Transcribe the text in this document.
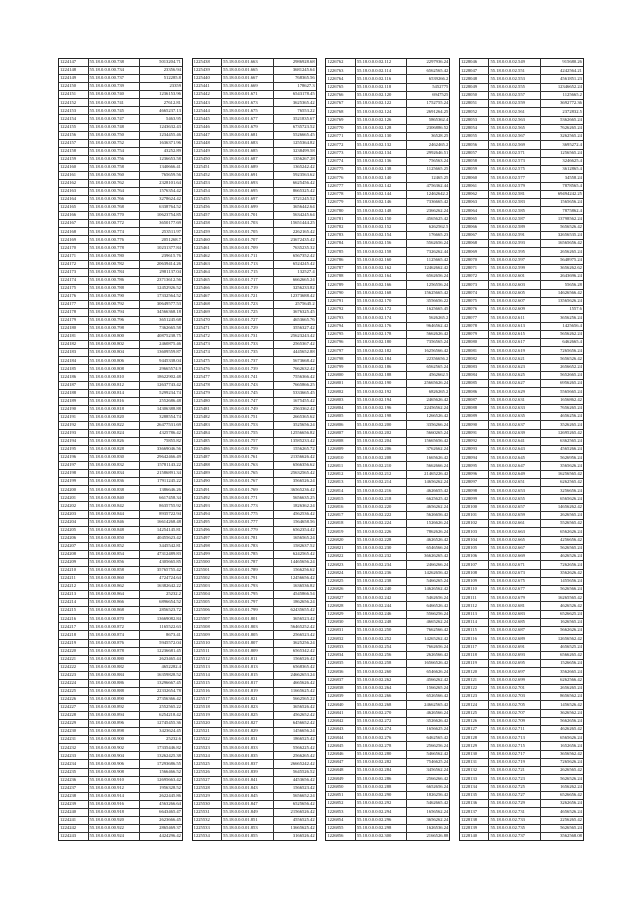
1224147	55.18.0.0.0.00.738	5013204.71
1224148	55.18.0.0.0.00.734	23356.94
1224149	55.18.0.0.0.00.737	512285.8
1224150	55.18.0.0.0.00.739	23359
1224151	55.18.0.0.0.00.740	1236153.96
1224152	55.18.0.0.0.00.741	27612.81
1224153	55.18.0.0.0.00.745	4665237.13
1224154	55.18.0.0.0.00.747	5463.95
1224155	55.18.0.0.0.00.748	1243632.43
1224156	55.18.0.0.0.00.750	1234455.46
1224157	55.18.0.0.0.00.752	1636371.96
1224158	55.18.0.0.0.00.754	43252.89
1224159	55.18.0.0.0.00.756	1236653.58
1224160	55.18.0.0.0.00.758	1340666.41
1224161	55.18.0.0.0.00.760	765659.56
1224162	55.18.0.0.0.00.762	2328101.64
1224163	55.18.0.0.0.00.764	1576354.42
1224164	55.18.0.0.0.00.766	3278624.42
1224165	55.18.0.0.0.00.768	6338764.52
1224166	55.18.0.0.0.00.770	10623754.85
1224167	55.18.0.0.0.00.772	3650177.69
1224168	55.18.0.0.0.00.774	253511.97
1224169	55.18.0.0.0.00.776	2051268.7
1224170	55.18.0.0.0.00.778	10231377.84
1224171	55.18.0.0.0.00.780	239615.76
1224172	55.18.0.0.0.00.782	20639414.26
1224173	55.18.0.0.0.00.784	2981137.04
1224174	55.18.0.0.0.00.786	23713612.56
1224175	55.18.0.0.0.00.788	12452926.52
1224176	55.18.0.0.0.00.790	17332564.52
1224177	55.18.0.0.0.00.792	30649577.53
1224178	55.18.0.0.0.00.794	34566368.18
1224179	55.18.0.0.0.00.796	3651245.68
1224180	55.18.0.0.0.00.798	7362665.58
1224181	55.18.0.0.0.00.800	40875238.75
1224182	55.18.0.0.0.00.802	2460875.46
1224183	55.18.0.0.0.00.804	13609559.87
1224184	55.18.0.0.0.00.806	9445338.04
1224185	55.18.0.0.0.00.808	29665574.9
1224186	55.18.0.0.0.00.810	18622902.48
1224187	55.18.0.0.0.00.812	12637743.42
1224188	55.18.0.0.0.00.814	5299234.74
1224189	55.18.0.0.0.00.816	2552686.48
1224190	55.18.0.0.0.00.818	14306388.88
1224191	55.18.0.0.0.00.820	3288554.74
1224192	55.18.0.0.0.00.822	26477531.69
1224193	55.18.0.0.0.00.824	4325786.42
1224194	55.18.0.0.0.00.826	75855.82
1224195	55.18.0.0.0.00.828	33669046.56
1224196	55.18.0.0.0.00.830	29642466.49
1224197	55.18.0.0.0.00.832	15781143.22
1224198	55.18.0.0.0.00.834	21586891.34
1224199	55.18.0.0.0.00.836	17911245.22
1224200	55.18.0.0.0.00.838	1386646.26
1224201	55.18.0.0.0.00.840	6617458.34
1224202	55.18.0.0.0.00.842	8635755.92
1224203	55.18.0.0.0.00.844	8935722.94
1224204	55.18.0.0.0.00.846	16614268.48
1224205	55.18.0.0.0.00.848	14254145.81
1224206	55.18.0.0.0.00.850	40455623.42
1224207	55.18.0.0.0.00.852	3445542.81
1224208	55.18.0.0.0.00.854	47312489.83
1224209	55.18.0.0.0.00.856	4305665.85
1224210	55.18.0.0.0.00.858	35765755.42
1224211	55.18.0.0.0.00.860	4724724.64
1224212	55.18.0.0.0.00.862	16382642.22
1224213	55.18.0.0.0.00.864	25232.2
1224214	55.18.0.0.0.00.866	6896654.52
1224215	55.18.0.0.0.00.868	2856523.72
1224216	55.18.0.0.0.00.870	13669082.84
1224217	55.18.0.0.0.00.872	1165522.63
1224218	55.18.0.0.0.00.874	8673.41
1224219	55.18.0.0.0.00.876	5945572.04
1224220	55.18.0.0.0.00.878	12236681.45
1224221	55.18.0.0.0.00.880	2623465.44
1224222	55.18.0.0.0.00.882	4652282.4
1224223	55.18.0.0.0.00.884	16359828.52
1224224	55.18.0.0.0.00.886	13296667.45
1224225	55.18.0.0.0.00.888	22332654.78
1224226	55.18.0.0.0.00.890	27356366.42
1224227	55.18.0.0.0.00.892	2552565.22
1224228	55.18.0.0.0.00.894	6254218.42
1224229	55.18.0.0.0.00.896	12745455.36
1224230	55.18.0.0.0.00.898	3423624.45
1224231	55.18.0.0.0.00.900	25232.6
1224232	55.18.0.0.0.00.902	17335446.82
1224233	55.18.0.0.0.00.904	13262425.38
1224234	55.18.0.0.0.00.906	17293686.55
1224235	55.18.0.0.0.00.908	1566466.52
1224236	55.18.0.0.0.00.910	12695663.42
1224237	55.18.0.0.0.00.912	1956328.52
1224238	55.18.0.0.0.00.914	2622445.86
1224239	55.18.0.0.0.00.916	4563266.64
1224240	55.18.0.0.0.00.918	6643465.47
1224241	55.18.0.0.0.00.920	2623666.45
1224242	55.18.0.0.0.00.922	2865469.37
1224243	55.18.0.0.0.00.924	4424296.42
1225438	55.18.0.0.0.01.663	2986928.68
1225439	55.18.0.0.0.01.665	3681245.64
1225440	55.18.0.0.0.01.667	768365.56
1225441	55.18.0.0.0.01.669	178627.3
1225442	55.18.0.0.0.01.671	6543178.45
1225443	55.18.0.0.0.01.673	3625365.42
1225444	55.18.0.0.0.01.675	76553.22
1225445	55.18.0.0.0.01.677	3521835.67
1225446	55.18.0.0.0.01.679	6735723.52
1225447	55.18.0.0.0.01.681	5526665.45
1225448	55.18.0.0.0.01.683	1255364.82
1225449	55.18.0.0.0.01.685	3238499.58
1225450	55.18.0.0.0.01.687	1356267.28
1225451	55.18.0.0.0.01.689	1365242.42
1225452	55.18.0.0.0.01.691	5923563.62
1225453	55.18.0.0.0.01.693	6625456.42
1225454	55.18.0.0.0.01.695	8665325.42
1225455	55.18.0.0.0.01.697	3721245.52
1225456	55.18.0.0.0.01.699	3656442.64
1225457	55.18.0.0.0.01.701	5634245.64
1225458	55.18.0.0.0.01.703	15651444.25
1225459	55.18.0.0.0.01.705	2262165.42
1225460	55.18.0.0.0.01.707	23672435.42
1225461	55.18.0.0.0.01.709	7635235.32
1225462	55.18.0.0.0.01.711	6567352.42
1225463	55.18.0.0.0.01.713	6524245.42
1225464	55.18.0.0.0.01.715	132527.4
1225465	55.18.0.0.0.01.717	6662665.24
1225466	55.18.0.0.0.01.719	3256233.82
1225467	55.18.0.0.0.01.721	12373688.42
1225468	55.18.0.0.0.01.723	2575645.2
1225469	55.18.0.0.0.01.725	3676325.45
1225470	55.18.0.0.0.01.727	4653665.76
1225471	55.18.0.0.0.01.729	3556327.42
1225472	55.18.0.0.0.01.731	25623243.42
1225473	55.18.0.0.0.01.733	2565367.42
1225474	55.18.0.0.0.01.735	4445652.88
1225475	55.18.0.0.0.01.737	5673668.42
1225476	55.18.0.0.0.01.739	7662632.42
1225477	55.18.0.0.0.01.741	7556366.42
1225478	55.18.0.0.0.01.743	7665866.25
1225479	55.18.0.0.0.01.745	5333665.45
1225480	55.18.0.0.0.01.747	1675455.42
1225481	55.18.0.0.0.01.749	2563362.42
1225482	55.18.0.0.0.01.751	2665365.62
1225483	55.18.0.0.0.01.753	3525656.24
1225484	55.18.0.0.0.01.755	12556656.82
1225485	55.18.0.0.0.01.757	13585233.42
1225486	55.18.0.0.0.01.759	1556265.72
1225487	55.18.0.0.0.01.761	21356626.42
1225488	55.18.0.0.0.01.763	6566356.62
1225489	55.18.0.0.0.01.765	25632565.42
1225490	55.18.0.0.0.01.767	3566526.24
1225491	55.18.0.0.0.01.769	36565236.42
1225492	55.18.0.0.0.01.771	5656635.25
1225493	55.18.0.0.0.01.773	1826362.24
1225494	55.18.0.0.0.01.775	4562536.42
1225495	55.18.0.0.0.01.777	1564658.56
1225496	55.18.0.0.0.01.779	6562354.42
1225497	55.18.0.0.0.01.781	1656565.24
1225498	55.18.0.0.0.01.783	1582637.52
1225499	55.18.0.0.0.01.785	6242565.42
1225500	55.18.0.0.0.01.787	14465656.24
1225501	55.18.0.0.0.01.789	1566256.62
1225502	55.18.0.0.0.01.791	12456656.42
1225503	55.18.0.0.0.01.793	1636536.82
1225504	55.18.0.0.0.01.795	4545866.54
1225505	55.18.0.0.0.01.797	1862656.24
1225506	55.18.0.0.0.01.799	62435655.42
1225507	55.18.0.0.0.01.801	3656523.42
1225508	55.18.0.0.0.01.803	56465252.42
1225509	55.18.0.0.0.01.805	2566523.42
1225510	55.18.0.0.0.01.807	3625256.24
1225511	55.18.0.0.0.01.809	6565342.42
1225512	55.18.0.0.0.01.811	1566526.42
1225513	55.18.0.0.0.01.813	6568365.42
1225514	55.18.0.0.0.01.815	24662653.24
1225515	55.18.0.0.0.01.817	4665626.42
1225516	55.18.0.0.0.01.819	11665625.42
1225517	55.18.0.0.0.01.821	5662565.22
1225518	55.18.0.0.0.01.823	3656526.42
1225519	55.18.0.0.0.01.825	4562652.42
1225520	55.18.0.0.0.01.827	6456652.42
1225521	55.18.0.0.0.01.829	1456656.24
1225522	55.18.0.0.0.01.831	1866525.42
1225523	55.18.0.0.0.01.833	5566225.42
1225524	55.18.0.0.0.01.835	2566265.42
1225525	55.18.0.0.0.01.837	26665242.42
1225526	55.18.0.0.0.01.839	5645526.52
1225527	55.18.0.0.0.01.841	4453656.42
1225528	55.18.0.0.0.01.843	1566523.42
1225529	55.18.0.0.0.01.845	5656652.24
1225530	55.18.0.0.0.01.847	6525656.42
1225531	55.18.0.0.0.01.849	21566526.42
1225532	55.18.0.0.0.01.851	4556525.42
1225533	55.18.0.0.0.01.853	13665625.42
1225534	55.18.0.0.0.01.855	3166526.42
1226762	55.18.0.0.0.02.112	2297936.24
1226763	55.18.0.0.0.02.114	6562565.42
1226764	55.18.0.0.0.02.116	6539266.2
1226765	55.18.0.0.0.02.118	5452775
1226766	55.18.0.0.0.02.120	6947525
1226767	55.18.0.0.0.02.122	1752755.24
1226768	55.18.0.0.0.02.124	2691264.25
1226769	55.18.0.0.0.02.126	5865362.4
1226770	55.18.0.0.0.02.128	2306886.52
1226771	55.18.0.0.0.02.130	36528.25
1226772	55.18.0.0.0.02.132	2462465.2
1226773	55.18.0.0.0.02.134	2992646.51
1226774	55.18.0.0.0.02.136	756563.24
1226775	55.18.0.0.0.02.138	1125665.25
1226776	55.18.0.0.0.02.140	12465.25
1226777	55.18.0.0.0.02.142	4756362.44
1226778	55.18.0.0.0.02.144	12462642.2
1226779	55.18.0.0.0.02.146	7336665.42
1226780	55.18.0.0.0.02.148	2366262.24
1226781	55.18.0.0.0.02.150	4565625.42
1226782	55.18.0.0.0.02.152	6262562.5
1226783	55.18.0.0.0.02.154	176665.23
1226784	55.18.0.0.0.02.156	5562656.24
1226785	55.18.0.0.0.02.158	7326262.44
1226786	55.18.0.0.0.02.160	1125665.42
1226787	55.18.0.0.0.02.162	12462662.42
1226788	55.18.0.0.0.02.164	6562656.24
1226789	55.18.0.0.0.02.166	1256556.24
1226790	55.18.0.0.0.02.168	15625665.42
1226791	55.18.0.0.0.02.170	3556656.22
1226792	55.18.0.0.0.02.172	1625665.45
1226793	55.18.0.0.0.02.174	5626265.2
1226794	55.18.0.0.0.02.176	9646562.42
1226795	55.18.0.0.0.02.178	5662626.42
1226796	55.18.0.0.0.02.180	7356565.24
1226797	55.18.0.0.0.02.182	16256566.42
1226798	55.18.0.0.0.02.184	22356656.2
1226799	55.18.0.0.0.02.186	6562565.24
1226800	55.18.0.0.0.02.188	4562662.5
1226801	55.18.0.0.0.02.190	25665626.24
1226802	55.18.0.0.0.02.192	6826265.2
1226803	55.18.0.0.0.02.194	2465626.42
1226804	55.18.0.0.0.02.196	22456562.24
1226805	55.18.0.0.0.02.198	1266526.42
1226806	55.18.0.0.0.02.200	3356266.24
1226807	55.18.0.0.0.02.202	5660265.24
1226808	55.18.0.0.0.02.204	15665656.42
1226809	55.18.0.0.0.02.206	3762662.24
1226810	55.18.0.0.0.02.208	1665626.42
1226811	55.18.0.0.0.02.210	5662666.24
1226812	55.18.0.0.0.02.212	21465226.42
1226813	55.18.0.0.0.02.214	14656262.24
1226814	55.18.0.0.0.02.216	4626655.42
1226815	55.18.0.0.0.02.218	6625625.42
1226816	55.18.0.0.0.02.220	4656262.24
1226817	55.18.0.0.0.02.222	5626656.42
1226818	55.18.0.0.0.02.224	1526626.24
1226819	55.18.0.0.0.02.226	7862626.24
1226820	55.18.0.0.0.02.228	4626526.42
1226821	55.18.0.0.0.02.230	6546566.24
1226822	55.18.0.0.0.02.232	36626265.42
1226823	55.18.0.0.0.02.234	2466266.24
1226824	55.18.0.0.0.02.236	14262656.42
1226825	55.18.0.0.0.02.238	5466265.24
1226826	55.18.0.0.0.02.240	14626562.42
1226827	55.18.0.0.0.02.242	5462656.24
1226828	55.18.0.0.0.02.244	6466526.42
1226829	55.18.0.0.0.02.246	5566256.24
1226830	55.18.0.0.0.02.248	4665262.24
1226831	55.18.0.0.0.02.250	7662566.42
1226832	55.18.0.0.0.02.252	14265262.42
1226833	55.18.0.0.0.02.254	7662656.24
1226834	55.18.0.0.0.02.256	2626566.42
1226835	55.18.0.0.0.02.258	16566526.42
1226836	55.18.0.0.0.02.260	6546626.24
1226837	55.18.0.0.0.02.262	4566262.42
1226838	55.18.0.0.0.02.264	1566265.24
1226839	55.18.0.0.0.02.266	6526566.42
1226840	55.18.0.0.0.02.268	24662565.42
1226841	55.18.0.0.0.02.270	4626566.24
1226842	55.18.0.0.0.02.272	3526626.42
1226843	55.18.0.0.0.02.274	1656625.24
1226844	55.18.0.0.0.02.276	6462565.42
1226845	55.18.0.0.0.02.278	2566256.24
1226846	55.18.0.0.0.02.280	5466562.42
1226847	55.18.0.0.0.02.282	7546625.24
1226848	55.18.0.0.0.02.284	3456562.24
1226849	55.18.0.0.0.02.286	2566266.42
1226850	55.18.0.0.0.02.288	6652656.24
1226851	55.18.0.0.0.02.290	1826256.42
1226852	55.18.0.0.0.02.292	5462665.42
1226853	55.18.0.0.0.02.294	1656562.24
1226854	55.18.0.0.0.02.296	3656262.24
1226855	55.18.0.0.0.02.298	1626536.24
1226856	55.18.0.0.0.02.300	2166526.88
1228046	55.18.0.0.0.02.549	915680.26
1228047	55.18.0.0.0.02.551	4242564.21
1228048	55.18.0.0.0.02.553	4561851.23
1228049	55.18.0.0.0.02.555	12346652.24
1228050	55.18.0.0.0.02.557	1125665.2
1228051	55.18.0.0.0.02.559	3692772.36
1228052	55.18.0.0.0.02.561	2372832.5
1228053	55.18.0.0.0.02.563	5362665.24
1228054	55.18.0.0.0.02.565	7626265.24
1228055	55.18.0.0.0.02.567	3262565.24
1228056	55.18.0.0.0.02.569	3695272.4
1228057	55.18.0.0.0.02.571	1256565.24
1228058	55.18.0.0.0.02.573	3246625.4
1228059	55.18.0.0.0.02.575	3612865.4
1228060	55.18.0.0.0.02.577	34558.24
1228061	55.18.0.0.0.02.579	7878565.4
1228062	55.18.0.0.0.02.581	69494242.25
1228063	55.18.0.0.0.02.583	1565656.24
1228064	55.18.0.0.0.02.585	7875862.4
1228065	55.18.0.0.0.02.587	13798562.24
1228066	55.18.0.0.0.02.589	5656526.42
1228067	55.18.0.0.0.02.591	32656535.24
1228068	55.18.0.0.0.02.593	16565656.42
1228069	55.18.0.0.0.02.595	2656265.24
1228070	55.18.0.0.0.02.597	5648975.24
1228071	55.18.0.0.0.02.599	3656262.62
1228072	55.18.0.0.0.02.601	2643696.24
1228073	55.18.0.0.0.02.603	55656.28
1228074	55.18.0.0.0.02.605	14626566.42
1228075	55.18.0.0.0.02.607	13565626.24
1228076	55.18.0.0.0.02.609	1557.6
1228077	55.18.0.0.0.02.611	3656256.24
1228078	55.18.0.0.0.02.613	1425656.4
1228079	55.18.0.0.0.02.615	5656262.24
1228080	55.18.0.0.0.02.617	6462665.4
1228081	55.18.0.0.0.02.619	7265656.24
1228082	55.18.0.0.0.02.621	5656526.42
1228083	55.18.0.0.0.02.623	2656652.24
1228084	55.18.0.0.0.02.625	5652665.24
1228085	55.18.0.0.0.02.627	6956265.24
1228086	55.18.0.0.0.02.629	5565665.24
1228087	55.18.0.0.0.02.631	1656862.42
1228088	55.18.0.0.0.02.633	7656265.24
1228089	55.18.0.0.0.02.635	4656256.24
1228090	55.18.0.0.0.02.637	3526265.24
1228091	55.18.0.0.0.02.639	12695265.42
1228092	55.18.0.0.0.02.641	6362565.24
1228093	55.18.0.0.0.02.643	4565266.24
1228094	55.18.0.0.0.02.645	5626956.24
1228095	55.18.0.0.0.02.647	3565626.24
1228096	55.18.0.0.0.02.649	16256565.42
1228097	55.18.0.0.0.02.651	6262565.42
1228098	55.18.0.0.0.02.653	3256656.24
1228099	55.18.0.0.0.02.655	6565626.24
1228100	55.18.0.0.0.02.657	14656262.42
1228101	55.18.0.0.0.02.659	2626565.24
1228102	55.18.0.0.0.02.661	5526565.42
1228103	55.18.0.0.0.02.663	6562626.24
1228104	55.18.0.0.0.02.665	4256656.42
1228105	55.18.0.0.0.02.667	5626565.24
1228106	55.18.0.0.0.02.669	4626526.24
1228107	55.18.0.0.0.02.671	7262656.24
1228108	55.18.0.0.0.02.673	3562626.42
1228109	55.18.0.0.0.02.675	1455656.24
1228110	55.18.0.0.0.02.677	5626566.24
1228111	55.18.0.0.0.02.679	16265565.42
1228112	55.18.0.0.0.02.681	4626526.42
1228113	55.18.0.0.0.02.683	6526625.24
1228114	55.18.0.0.0.02.685	1626565.24
1228115	55.18.0.0.0.02.687	5662626.24
1228116	55.18.0.0.0.02.689	12656562.42
1228117	55.18.0.0.0.02.691	4656525.24
1228118	55.18.0.0.0.02.693	6566265.42
1228119	55.18.0.0.0.02.695	1526656.24
1228120	55.18.0.0.0.02.697	3562665.24
1228121	55.18.0.0.0.02.699	6262566.42
1228122	55.18.0.0.0.02.701	2656265.24
1228123	55.18.0.0.0.02.703	8656562.24
1228124	55.18.0.0.0.02.705	1456526.42
1228125	55.18.0.0.0.02.707	3626562.24
1228126	55.18.0.0.0.02.709	5662656.24
1228127	55.18.0.0.0.02.711	4626265.42
1228128	55.18.0.0.0.02.713	6565626.24
1228129	55.18.0.0.0.02.715	1652656.24
1228130	55.18.0.0.0.02.717	3656562.42
1228131	55.18.0.0.0.02.719	7265626.24
1228132	55.18.0.0.0.02.721	2626565.42
1228133	55.18.0.0.0.02.723	5626526.24
1228134	55.18.0.0.0.02.725	1656262.24
1228135	55.18.0.0.0.02.727	6526656.42
1228136	55.18.0.0.0.02.729	3262656.24
1228137	55.18.0.0.0.02.731	4656526.24
1228138	55.18.0.0.0.02.733	2256265.42
1228139	55.18.0.0.0.02.735	5626565.24
1228140	55.18.0.0.0.02.737	3562568.08
